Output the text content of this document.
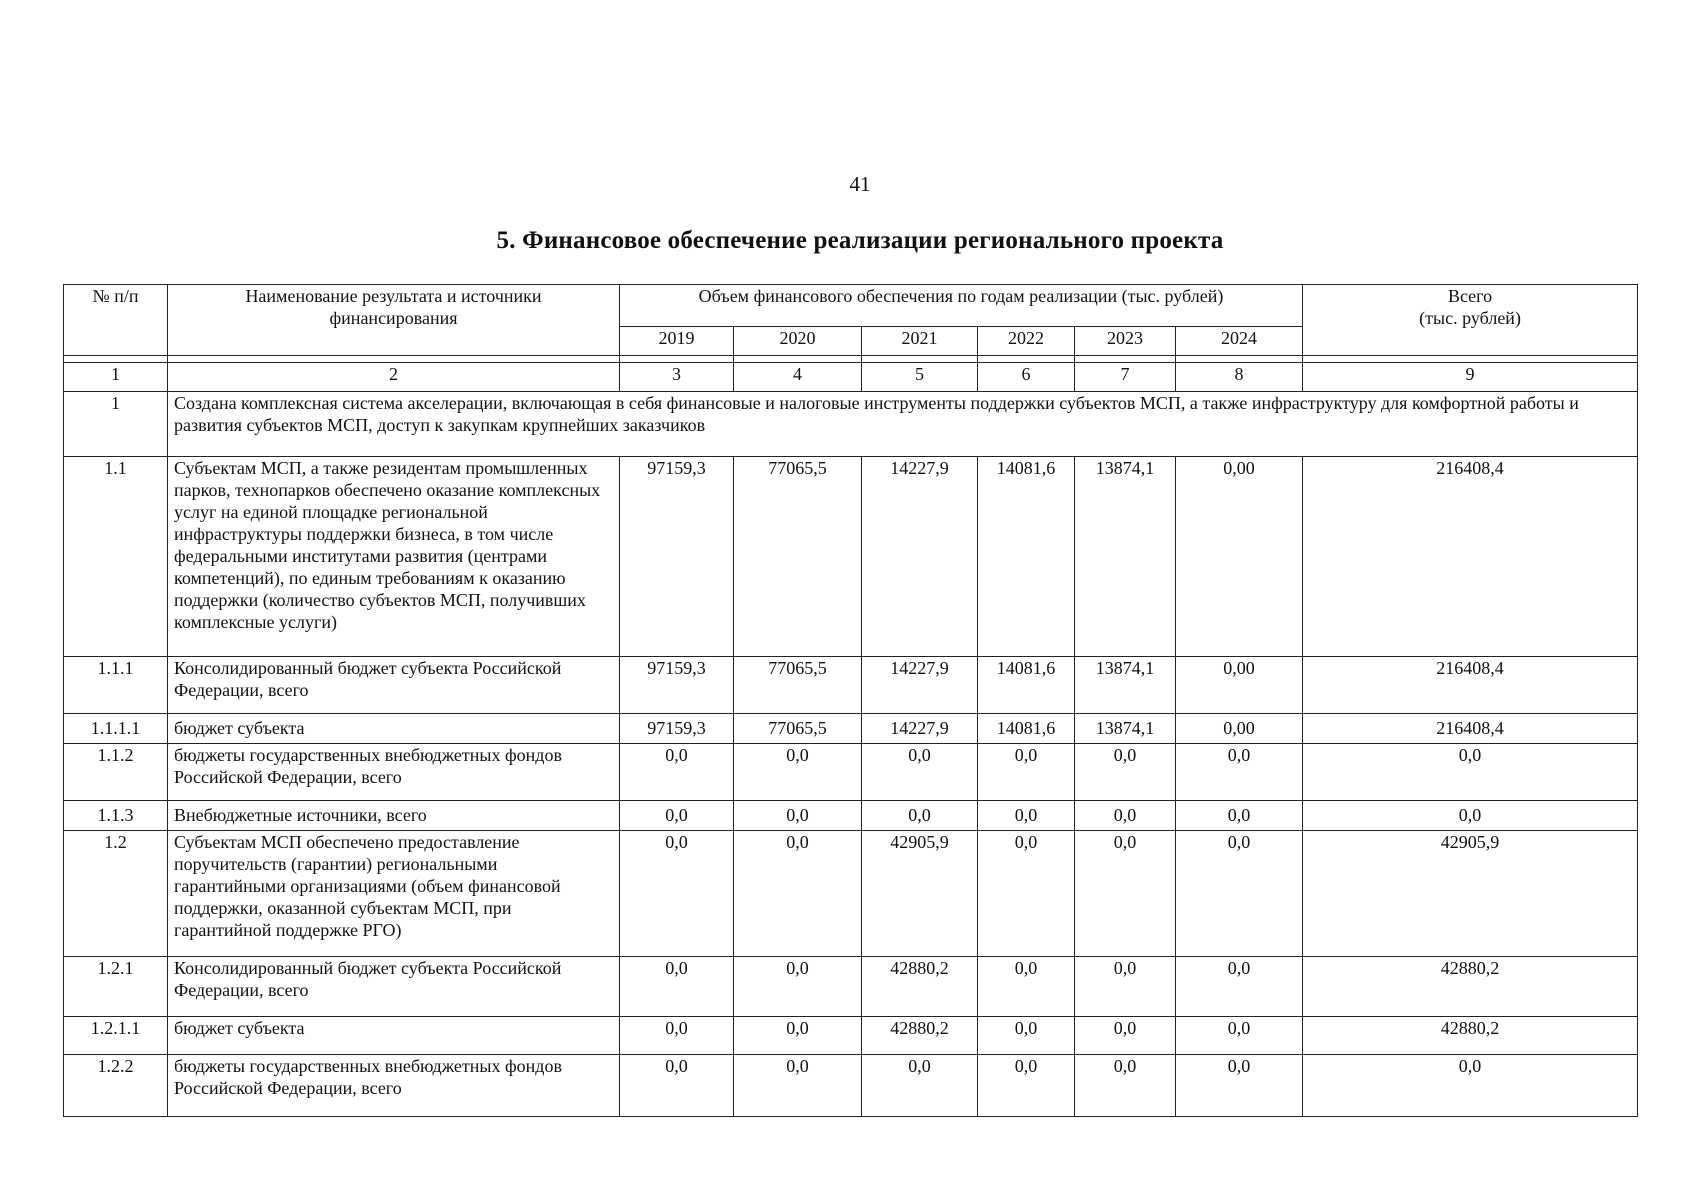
41
5. Финансовое обеспечение реализации регионального проекта
№ п/п	Наименование результата и источники финансирования	Объем финансового обеспечения по годам реализации (тыс. рублей)						Всего
(тыс. рублей)

		2019	2020	2021	2022	2023	2024	

1	2	3	4	5	6	7	8	9
1	Создана комплексная система акселерации, включающая в себя финансовые и налоговые инструменты поддержки субъектов МСП, а также инфраструктуру для комфортной работы и развития субъектов МСП, доступ к закупкам крупнейших заказчиков							
1.1	Субъектам МСП, а также резидентам промышленных парков, технопарков обеспечено оказание комплексных услуг на единой площадке региональной инфраструктуры поддержки бизнеса, в том числе федеральными институтами развития (центрами компетенций), по единым требованиям к оказанию поддержки (количество субъектов МСП, получивших комплексные услуги)	97159,3	77065,5	14227,9	14081,6	13874,1	0,00	216408,4
1.1.1	Консолидированный бюджет субъекта Российской Федерации, всего	97159,3	77065,5	14227,9	14081,6	13874,1	0,00	216408,4
1.1.1.1	бюджет субъекта	97159,3	77065,5	14227,9	14081,6	13874,1	0,00	216408,4
1.1.2	бюджеты государственных внебюджетных фондов Российской Федерации, всего	0,0	0,0	0,0	0,0	0,0	0,0	0,0
1.1.3	Внебюджетные источники, всего	0,0	0,0	0,0	0,0	0,0	0,0	0,0
1.2	Субъектам МСП обеспечено предоставление поручительств (гарантии) региональными гарантийными организациями (объем финансовой поддержки, оказанной субъектам МСП, при гарантийной поддержке РГО)	0,0	0,0	42905,9	0,0	0,0	0,0	42905,9
1.2.1	Консолидированный бюджет субъекта Российской Федерации, всего	0,0	0,0	42880,2	0,0	0,0	0,0	42880,2
1.2.1.1	бюджет субъекта	0,0	0,0	42880,2	0,0	0,0	0,0	42880,2
1.2.2	бюджеты государственных внебюджетных фондов Российской Федерации, всего	0,0	0,0	0,0	0,0	0,0	0,0	0,0
